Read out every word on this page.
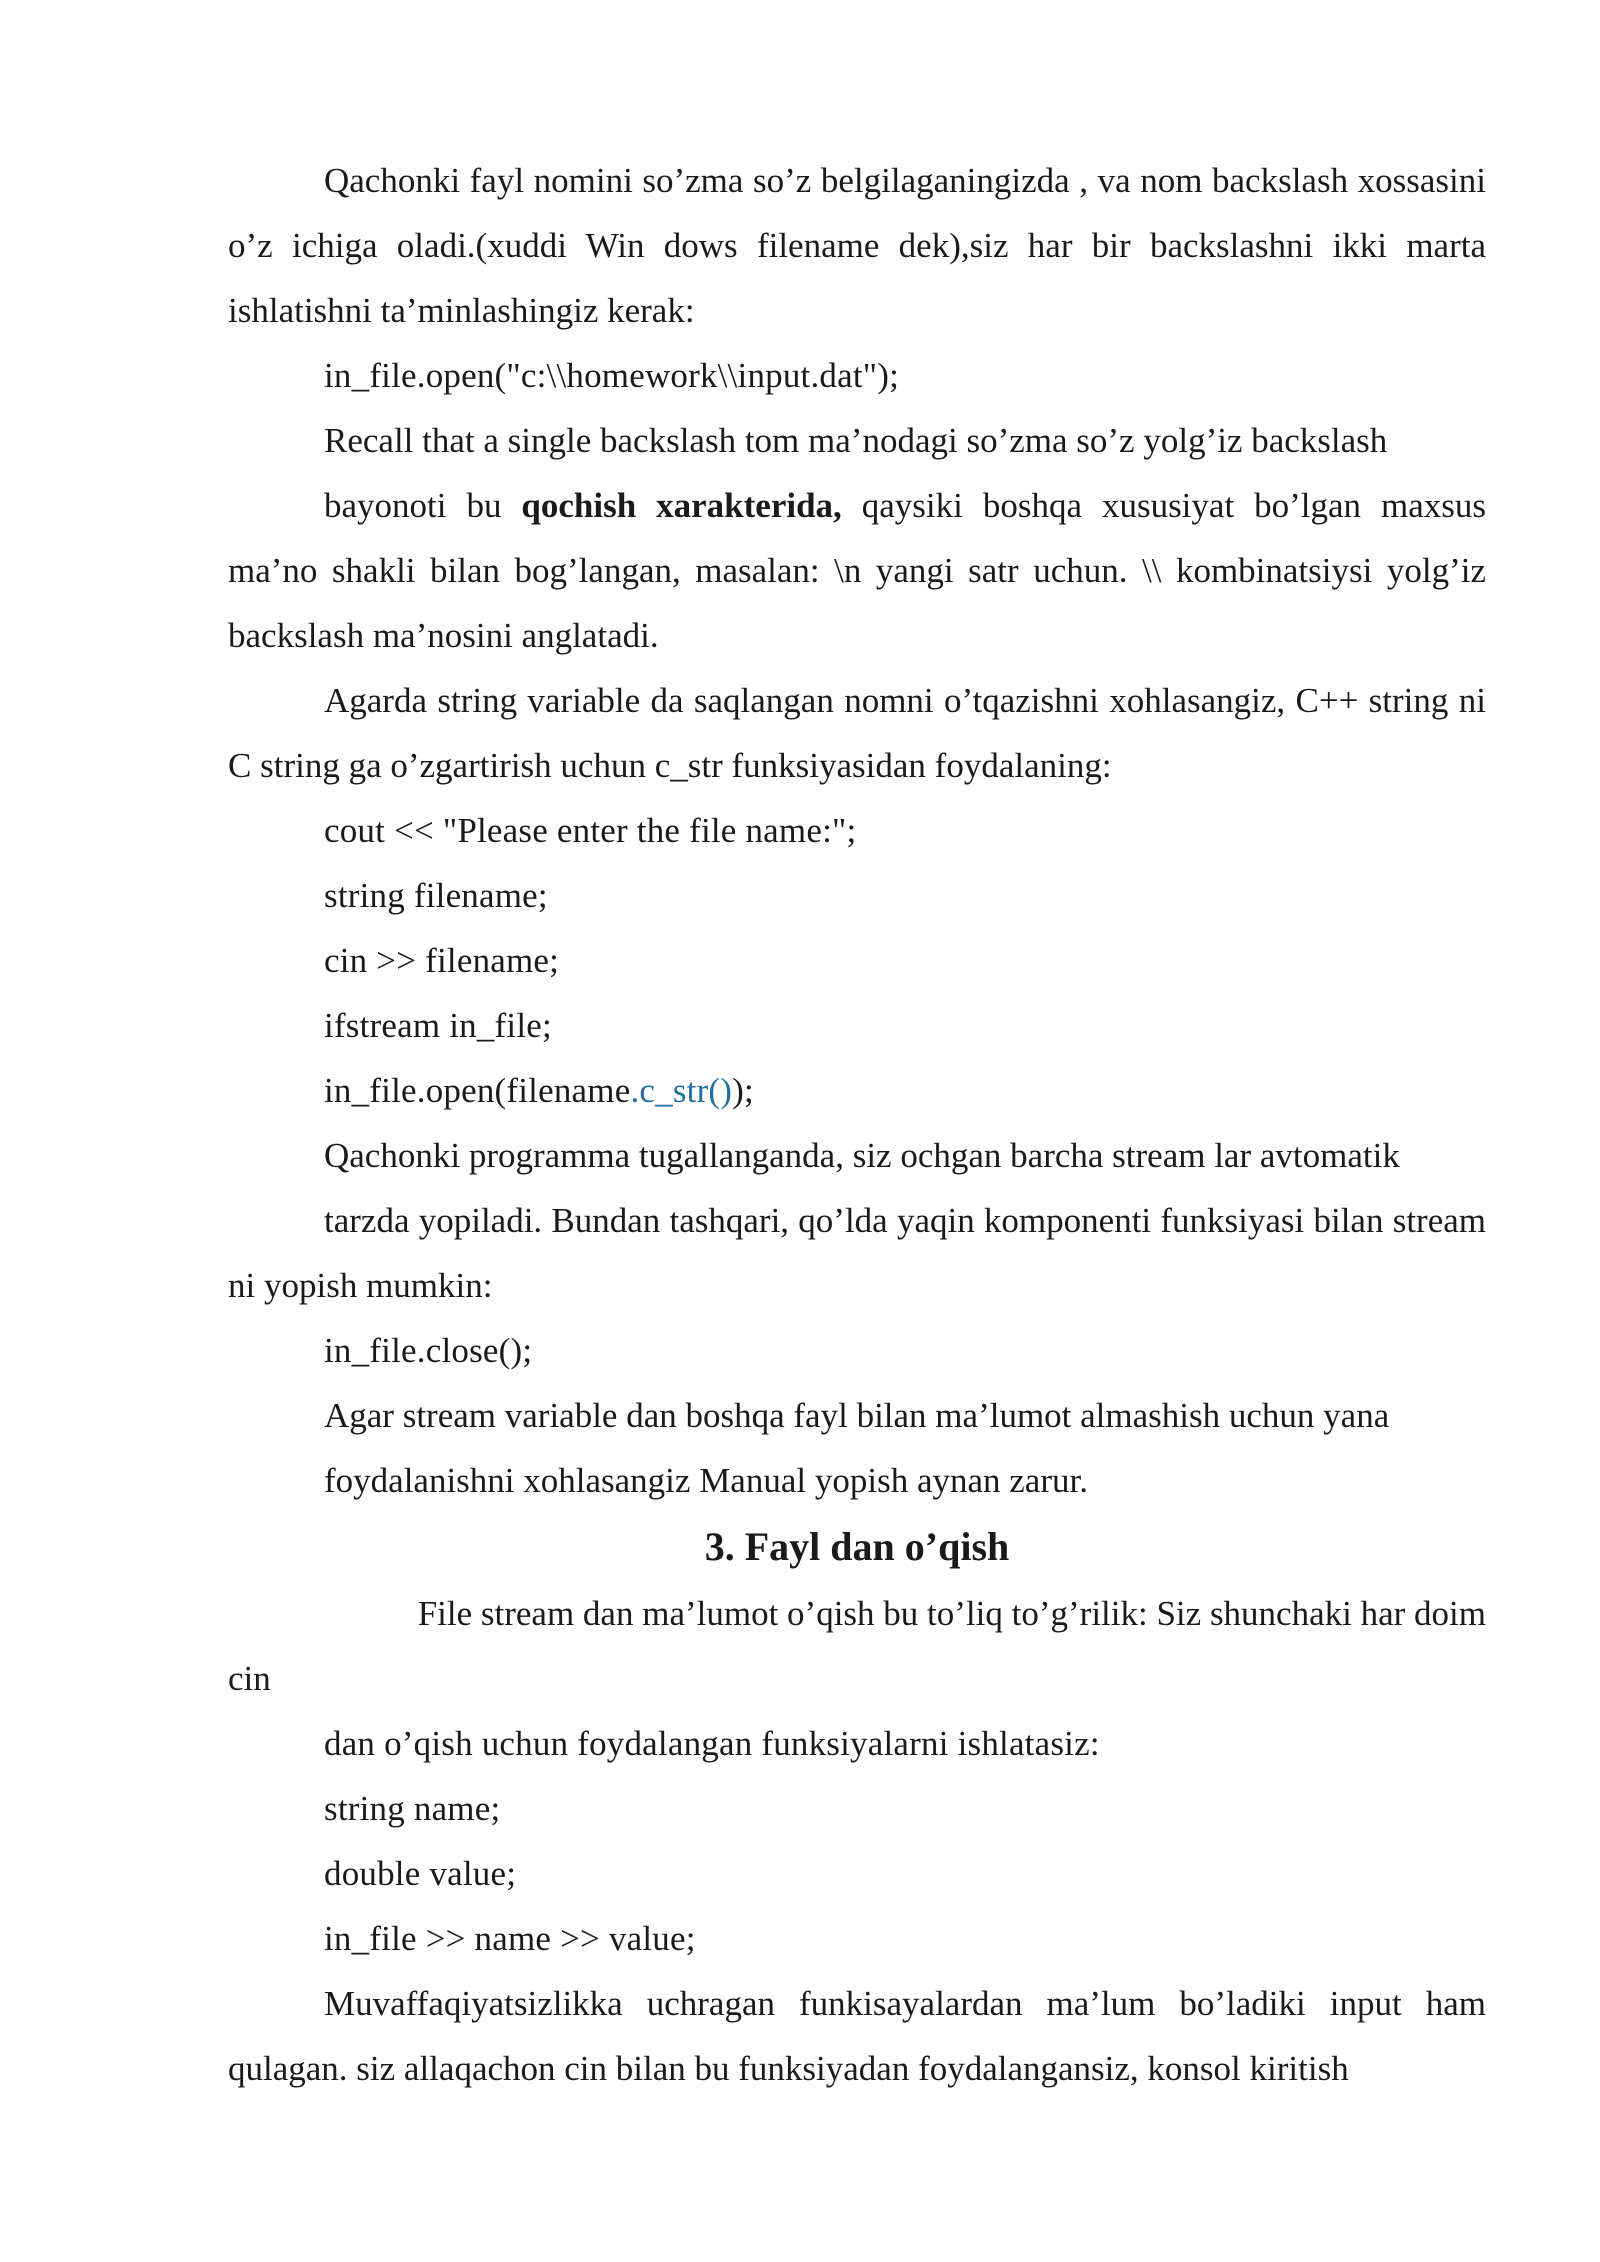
Qachonki fayl nomini so’zma so’z belgilaganingizda , va nom backslash xossasini o’z ichiga oladi.(xuddi Win dows filename dek),siz har bir backslashni ikki marta ishlatishni ta’minlashingiz kerak:

in_file.open("c:\\homework\\input.dat");

Recall that a single backslash tom ma’nodagi so’zma so’z yolg’iz backslash

bayonoti bu qochish xarakterida, qaysiki boshqa xususiyat bo’lgan maxsus ma’no shakli bilan bog’langan, masalan: \n yangi satr uchun. \\ kombinatsiysi yolg’iz backslash ma’nosini anglatadi.

Agarda string variable da saqlangan nomni o’tqazishni xohlasangiz, C++ string ni C string ga o’zgartirish uchun c_str funksiyasidan foydalaning:

cout << "Please enter the file name:";

string filename;

cin >> filename;

ifstream in_file;

in_file.open(filename.c_str());

Qachonki programma tugallanganda, siz ochgan barcha stream lar avtomatik

tarzda yopiladi. Bundan tashqari, qo’lda yaqin komponenti funksiyasi bilan stream ni yopish mumkin:

in_file.close();

Agar stream variable dan boshqa fayl bilan ma’lumot almashish uchun yana

foydalanishni xohlasangiz Manual yopish aynan zarur.

3. Fayl dan o’qish

File stream dan ma’lumot o’qish bu to’liq to’g’rilik: Siz shunchaki har doim

cin

dan o’qish uchun foydalangan funksiyalarni ishlatasiz:

string name;

double value;

in_file >> name >> value;

Muvaffaqiyatsizlikka uchragan funkisayalardan ma’lum bo’ladiki input ham qulagan. siz allaqachon cin bilan bu funksiyadan foydalangansiz, konsol kiritish
